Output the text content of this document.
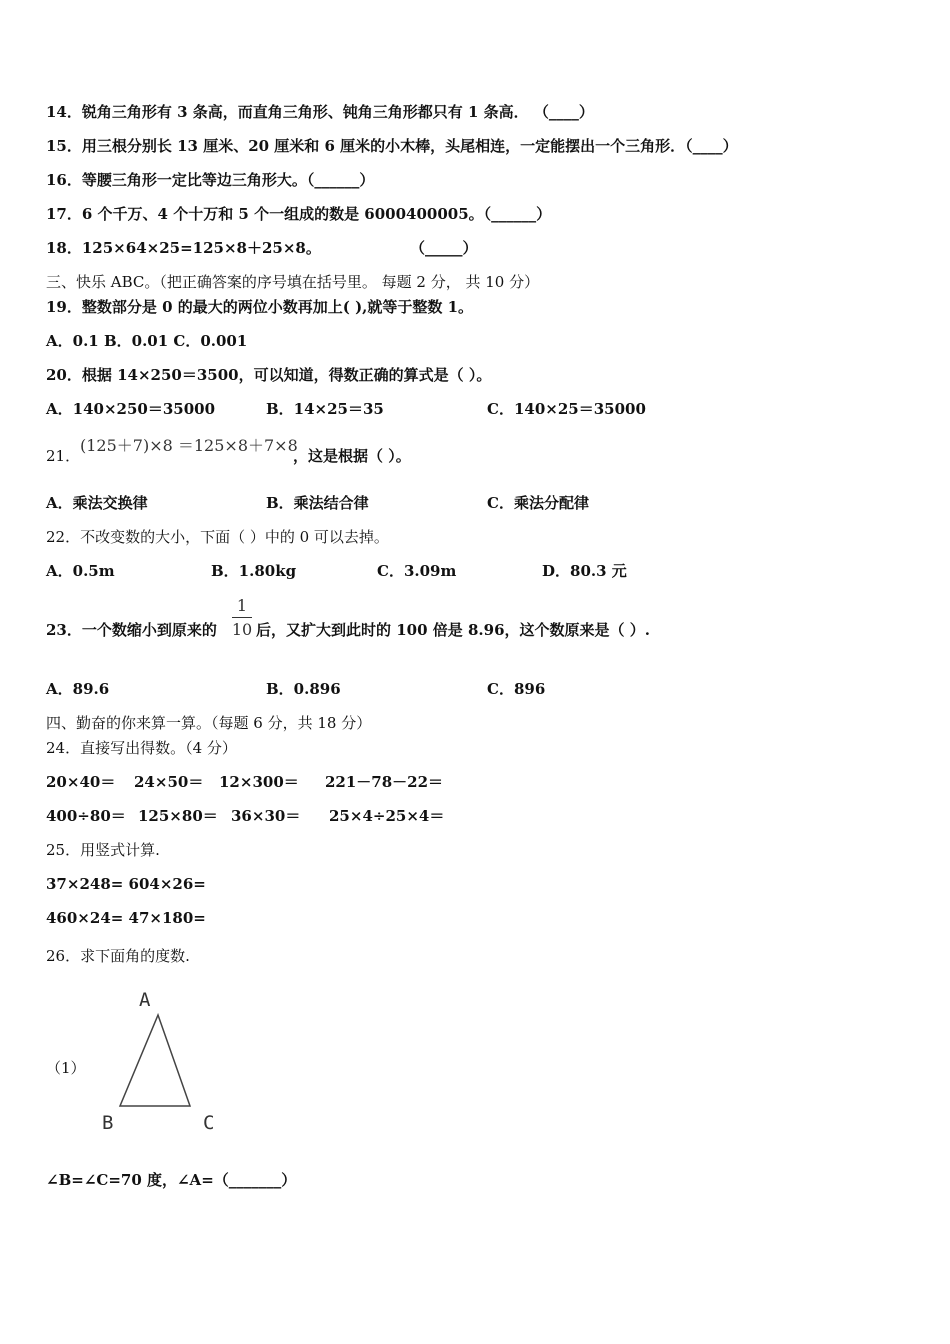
14．锐角三角形有 3 条高，而直角三角形、钝角三角形都只有 1 条高． （____）
15．用三根分别长 13 厘米、20 厘米和 6 厘米的小木棒，头尾相连，一定能摆出一个三角形．（____）
16．等腰三角形一定比等边三角形大。（______）
17．6 个千万、4 个十万和 5 个一组成的数是 6000400005。（______）
18．125×64×25=125×8＋25×8。	（_____）
三、快乐 ABC。（把正确答案的序号填在括号里。 每题 2 分， 共 10 分）
19．整数部分是 0 的最大的两位小数再加上( ),就等于整数 1。
A．0.1 B．0.01 C．0.001
20．根据 14×250＝3500，可以知道，得数正确的算式是（ ）。
A．140×250＝35000	B．14×25＝35	C．140×25＝35000
21．
(125＋7)×8 ＝125×8＋7×8
，这是根据（ ）。
A．乘法交换律	B．乘法结合律	C．乘法分配律
22．不改变数的大小，下面（ ）中的 0 可以去掉。
A．0.5m	B．1.80kg	C．3.09m	D．80.3 元
23．一个数缩小到原来的
1
10 后，又扩大到此时的 100 倍是 8.96，这个数原来是（ ）.
A．89.6	B．0.896	C．896
四、勤奋的你来算一算。（每题 6 分，共 18 分）
24．直接写出得数。（4 分）
20×40＝ 24×50＝ 12×300＝ 221－78－22＝
400÷80＝ 125×80＝ 36×30＝ 25×4÷25×4＝
25．用竖式计算.
37×248= 604×26=
460×24= 47×180=
26．求下面角的度数.
（1）
A
B	C
∠B=∠C=70 度，∠A=（_______）
